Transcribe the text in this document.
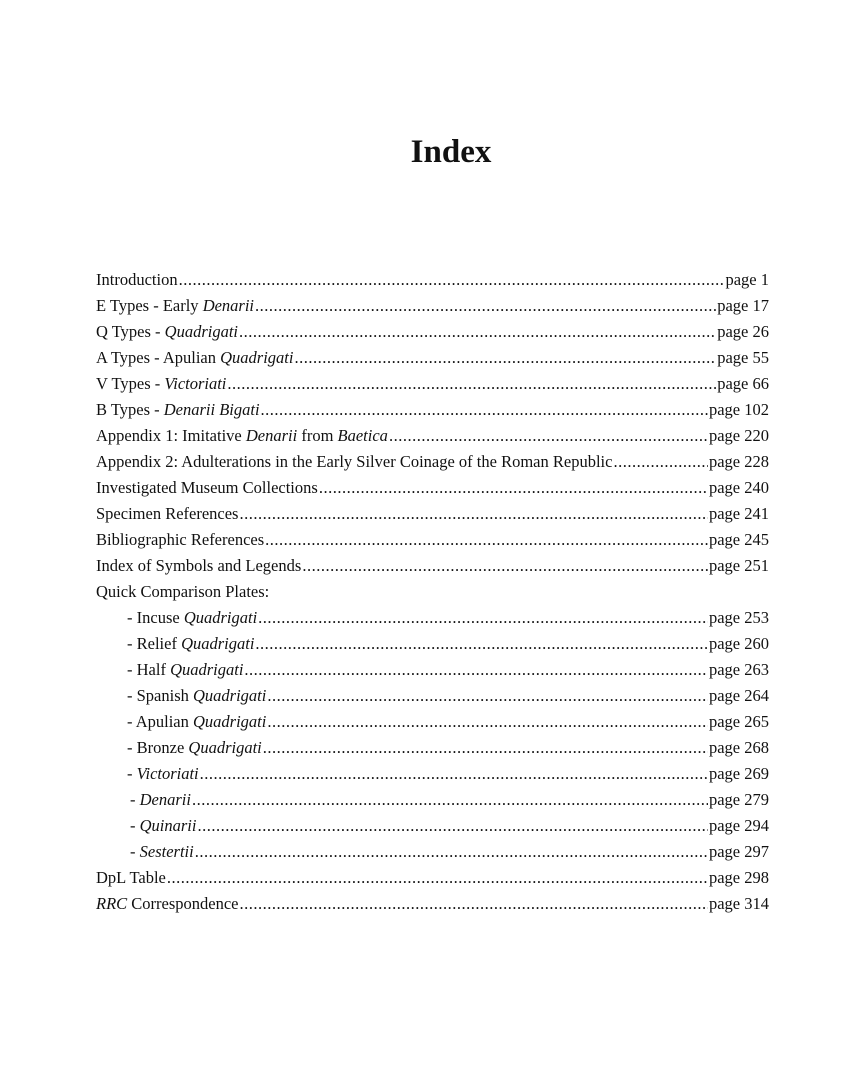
Index
Introduction .....	page 1
E Types - Early Denarii .....	page 17
Q Types - Quadrigati .....	page 26
A Types - Apulian Quadrigati .....	page 55
V Types - Victoriati .....	page 66
B Types - Denarii Bigati .....	page 102
Appendix 1: Imitative Denarii from Baetica .....	page 220
Appendix 2: Adulterations in the Early Silver Coinage of the Roman Republic .....	page 228
Investigated Museum Collections .....	page 240
Specimen References .....	page 241
Bibliographic References .....	page 245
Index of Symbols and Legends .....	page 251
Quick Comparison Plates:
- Incuse Quadrigati .....	page 253
- Relief Quadrigati .....	page 260
- Half Quadrigati .....	page 263
- Spanish Quadrigati .....	page 264
- Apulian Quadrigati .....	page 265
- Bronze Quadrigati .....	page 268
- Victoriati .....	page 269
- Denarii .....	page 279
- Quinarii .....	page 294
- Sestertii .....	page 297
DpL Table .....	page 298
RRC Correspondence .....	page 314
